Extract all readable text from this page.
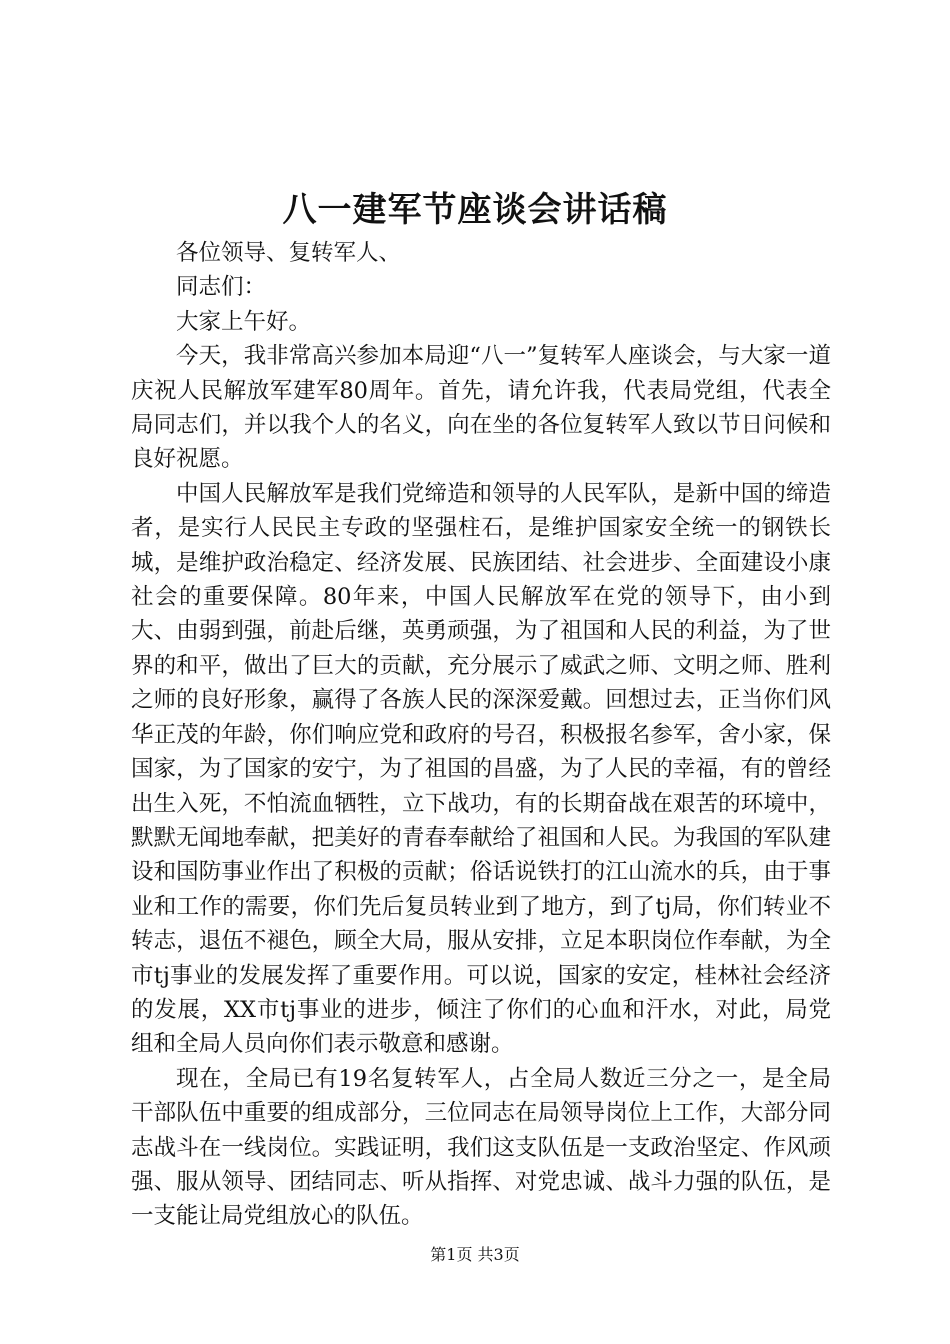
八一建军节座谈会讲话稿

各位领导、复转军人、

同志们：

大家上午好。

今天，我非常高兴参加本局迎“八一”复转军人座谈会，与大家一道庆祝人民解放军建军80周年。首先，请允许我，代表局党组，代表全局同志们，并以我个人的名义，向在坐的各位复转军人致以节日问候和良好祝愿。

中国人民解放军是我们党缔造和领导的人民军队，是新中国的缔造者，是实行人民民主专政的坚强柱石，是维护国家安全统一的钢铁长城，是维护政治稳定、经济发展、民族团结、社会进步、全面建设小康社会的重要保障。80年来，中国人民解放军在党的领导下，由小到大、由弱到强，前赴后继，英勇顽强，为了祖国和人民的利益，为了世界的和平，做出了巨大的贡献，充分展示了威武之师、文明之师、胜利之师的良好形象，赢得了各族人民的深深爱戴。回想过去，正当你们风华正茂的年龄，你们响应党和政府的号召，积极报名参军，舍小家，保国家，为了国家的安宁，为了祖国的昌盛，为了人民的幸福，有的曾经出生入死，不怕流血牺牲，立下战功，有的长期奋战在艰苦的环境中，默默无闻地奉献，把美好的青春奉献给了祖国和人民。为我国的军队建设和国防事业作出了积极的贡献；俗话说铁打的江山流水的兵，由于事业和工作的需要，你们先后复员转业到了地方，到了tj局，你们转业不转志，退伍不褪色，顾全大局，服从安排，立足本职岗位作奉献，为全市tj事业的发展发挥了重要作用。可以说，国家的安定，桂林社会经济的发展，XX市tj事业的进步，倾注了你们的心血和汗水，对此，局党组和全局人员向你们表示敬意和感谢。

现在，全局已有19名复转军人，占全局人数近三分之一，是全局干部队伍中重要的组成部分，三位同志在局领导岗位上工作，大部分同志战斗在一线岗位。实践证明，我们这支队伍是一支政治坚定、作风顽强、服从领导、团结同志、听从指挥、对党忠诚、战斗力强的队伍，是一支能让局党组放心的队伍。

第1页 共3页
